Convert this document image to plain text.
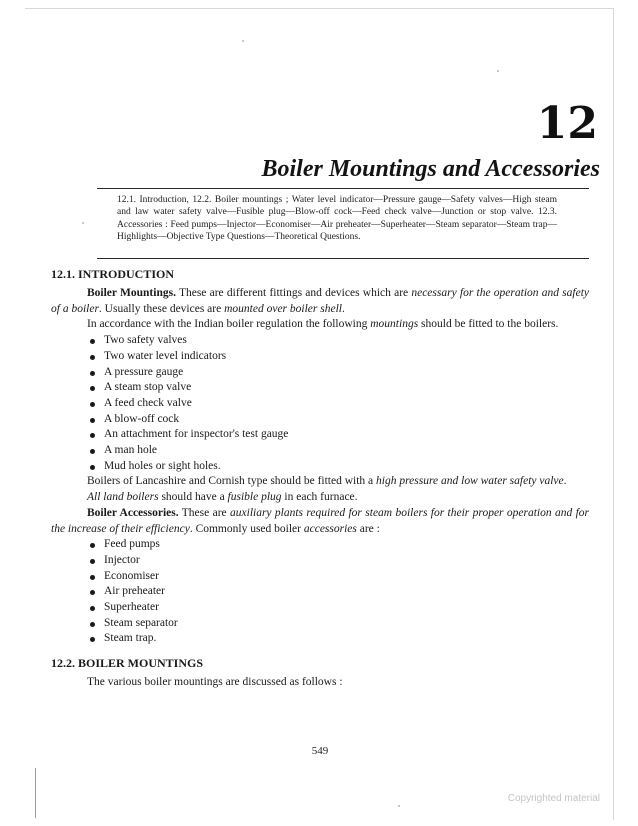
12
Boiler Mountings and Accessories

12.1. Introduction, 12.2. Boiler mountings ; Water level indicator—Pressure gauge—Safety valves—High steam and law water safety valve—Fusible plug—Blow-off cock—Feed check valve—Junction or stop valve. 12.3. Accessories : Feed pumps—Injector—Economiser—Air preheater—Superheater—Steam separator—Steam trap—Highlights—Objective Type Questions—Theoretical Questions.

12.1. INTRODUCTION

Boiler Mountings. These are different fittings and devices which are necessary for the operation and safety of a boiler. Usually these devices are mounted over boiler shell.

In accordance with the Indian boiler regulation the following mountings should be fitted to the boilers.

Two safety valves
Two water level indicators
A pressure gauge
A steam stop valve
A feed check valve
A blow-off cock
An attachment for inspector's test gauge
A man hole
Mud holes or sight holes.

Boilers of Lancashire and Cornish type should be fitted with a high pressure and low water safety valve.

All land boilers should have a fusible plug in each furnace.

Boiler Accessories. These are auxiliary plants required for steam boilers for their proper operation and for the increase of their efficiency. Commonly used boiler accessories are :

Feed pumps
Injector
Economiser
Air preheater
Superheater
Steam separator
Steam trap.
12.2. BOILER MOUNTINGS

The various boiler mountings are discussed as follows :

549
Copyrighted material
